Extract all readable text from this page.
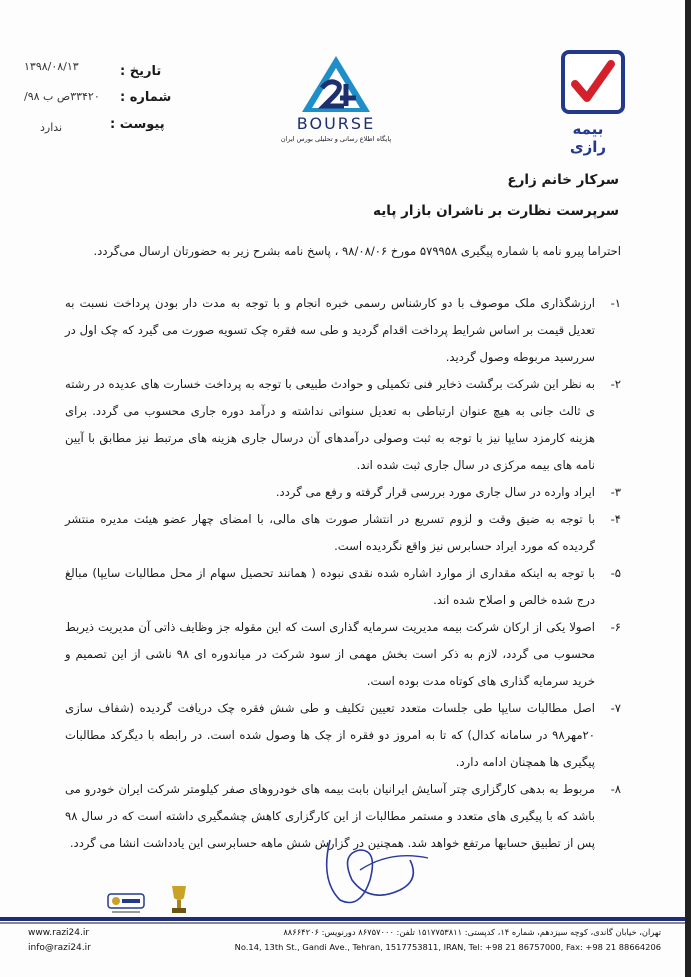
بیمه رازی
BOURSE
پایگاه اطلاع رسانی و تحلیلی بورس ایران
تاریخ :
۱۳۹۸/۰۸/۱۳
شماره :
۳۳۴۲۰ص ب ۹۸/
پیوست :
ندارد
سرکار خانم زارع
سرپرست نظارت بر ناشران بازار پایه
احتراما پیرو نامه با شماره پیگیری ۵۷۹۹۵۸ مورخ ۹۸/۰۸/۰۶ ، پاسخ نامه بشرح زیر به حضورتان ارسال می‌گردد.
۱-
ارزشگذاری ملک موصوف با دو کارشناس رسمی خبره انجام و با توجه به مدت دار بودن پرداخت نسبت به تعدیل قیمت بر اساس شرایط پرداخت اقدام گردید و طی سه فقره چک تسویه صورت می گیرد که چک اول در سررسید مربوطه وصول گردید.
۲-
به نظر این شرکت برگشت ذخایر فنی تکمیلی و حوادث طبیعی با توجه به پرداخت خسارت های عدیده در رشته ی ثالث جانی به هیچ عنوان ارتباطی به تعدیل سنواتی نداشته و درآمد دوره جاری محسوب می گردد. برای هزینه کارمزد سایپا نیز با توجه به ثبت وصولی درآمدهای آن درسال جاری هزینه های مرتبط نیز مطابق با آیین نامه های بیمه مرکزی در سال جاری ثبت شده اند.
۳-
ایراد وارده در سال جاری مورد بررسی قرار گرفته و رفع می گردد.
۴-
با توجه به ضیق وقت و لزوم تسریع در انتشار صورت های مالی، با امضای چهار عضو هیئت مدیره منتشر گردیده که مورد ایراد حسابرس نیز واقع نگردیده است.
۵-
با توجه به اینکه مقداری از موارد اشاره شده نقدی نبوده ( همانند تحصیل سهام از محل مطالبات سایپا) مبالغ درج شده خالص و اصلاح شده اند.
۶-
اصولا یکی از ارکان شرکت بیمه مدیریت سرمایه گذاری است که این مقوله جز وظایف ذاتی آن مدیریت ذیربط محسوب می گردد، لازم به ذکر است بخش مهمی از سود شرکت در میاندوره ای ۹۸ ناشی از این تصمیم و خرید سرمایه گذاری های کوتاه مدت بوده است.
۷-
اصل مطالبات سایپا طی جلسات متعدد تعیین تکلیف و طی شش فقره چک دریافت گردیده (شفاف سازی ۲۰مهر۹۸ در سامانه کدال) که تا به امروز دو فقره از چک ها وصول شده است. در رابطه با دیگرکد مطالبات پیگیری ها همچنان ادامه دارد.
۸-
مربوط به بدهی کارگزاری چتر آسایش ایرانیان بابت بیمه های خودروهای صفر کیلومتر شرکت ایران خودرو می باشد که با پیگیری های متعدد و مستمر مطالبات از این کارگزاری کاهش چشمگیری داشته است که در سال ۹۸ پس از تطبیق حسابها مرتفع خواهد شد. همچنین در گزارش شش ماهه حسابرسی این یادداشت انشا می گردد.
www.razi24.ir
info@razi24.ir
تهران، خیابان گاندی، کوچه سیزدهم، شماره ۱۴، کدپستی: ۱۵۱۷۷۵۳۸۱۱ تلفن: ۸۶۷۵۷۰۰۰ دورنویس: ۸۸۶۶۴۲۰۶
No.14, 13th St., Gandi Ave., Tehran, 1517753811, IRAN, Tel: +98 21 86757000, Fax: +98 21 88664206
